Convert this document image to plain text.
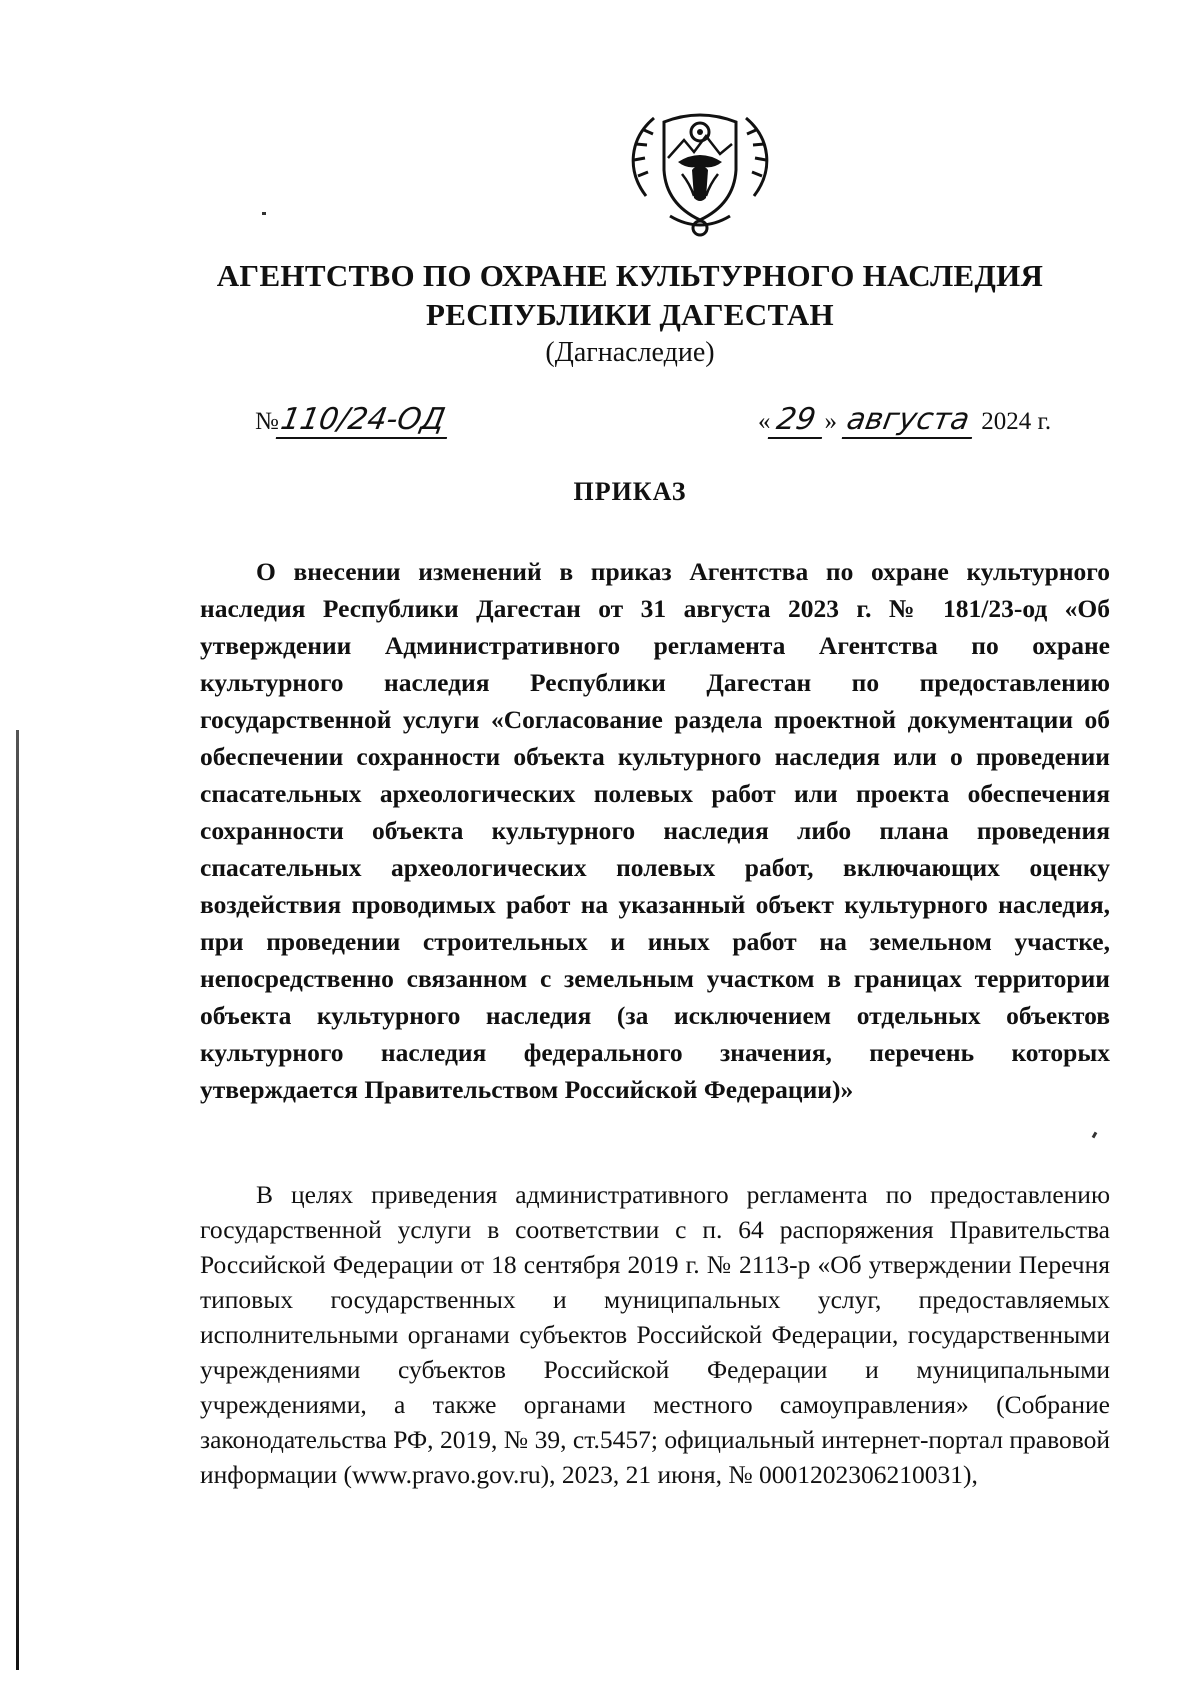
АГЕНТСТВО ПО ОХРАНЕ КУЛЬТУРНОГО НАСЛЕДИЯ
РЕСПУБЛИКИ ДАГЕСТАН
(Дагнаследие)
№110/24-ОД	«29 » августа 2024 г.
ПРИКАЗ

О внесении изменений в приказ Агентства по охране культурного наследия Республики Дагестан от 31 августа 2023 г. № 181/23-од «Об утверждении Административного регламента Агентства по охране культурного наследия Республики Дагестан по предоставлению государственной услуги «Согласование раздела проектной документации об обеспечении сохранности объекта культурного наследия или о проведении спасательных археологических полевых работ или проекта обеспечения сохранности объекта культурного наследия либо плана проведения спасательных археологических полевых работ, включающих оценку воздействия проводимых работ на указанный объект культурного наследия, при проведении строительных и иных работ на земельном участке, непосредственно связанном с земельным участком в границах территории объекта культурного наследия (за исключением отдельных объектов культурного наследия федерального значения, перечень которых утверждается Правительством Российской Федерации)»

В целях приведения административного регламента по предоставлению государственной услуги в соответствии с п. 64 распоряжения Правительства Российской Федерации от 18 сентября 2019 г. № 2113-р «Об утверждении Перечня типовых государственных и муниципальных услуг, предоставляемых исполнительными органами субъектов Российской Федерации, государственными учреждениями субъектов Российской Федерации и муниципальными учреждениями, а также органами местного самоуправления» (Собрание законодательства РФ, 2019, № 39, ст.5457; официальный интернет-портал правовой информации (www.pravo.gov.ru), 2023, 21 июня, № 0001202306210031),
